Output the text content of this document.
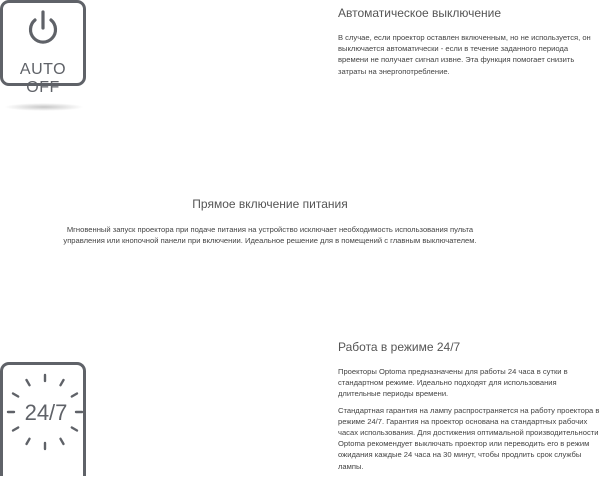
AUTO OFF

Автоматическое выключение

В случае, если проектор оставлен включенным, но не используется, он выключается автоматически - если в течение заданного периода времени не получает сигнал извне. Эта функция помогает снизить затраты на энергопотребление.

Прямое включение питания

Мгновенный запуск проектора при подаче питания на устройство исключает необходимость использования пульта управления или кнопочной панели при включении. Идеальное решение для в помещений с главным выключателем.

24/7

Работа в режиме 24/7

Проекторы Optoma предназначены для работы 24 часа в сутки в стандартном режиме. Идеально подходят для использования длительные периоды времени.

Стандартная гарантия на лампу распространяется на работу проектора в режиме 24/7. Гарантия на проектор основана на стандартных рабочих часах использования. Для достижения оптимальной производительности Optoma рекомендует выключать проектор или переводить его в режим ожидания каждые 24 часа на 30 минут, чтобы продлить срок службы лампы.
